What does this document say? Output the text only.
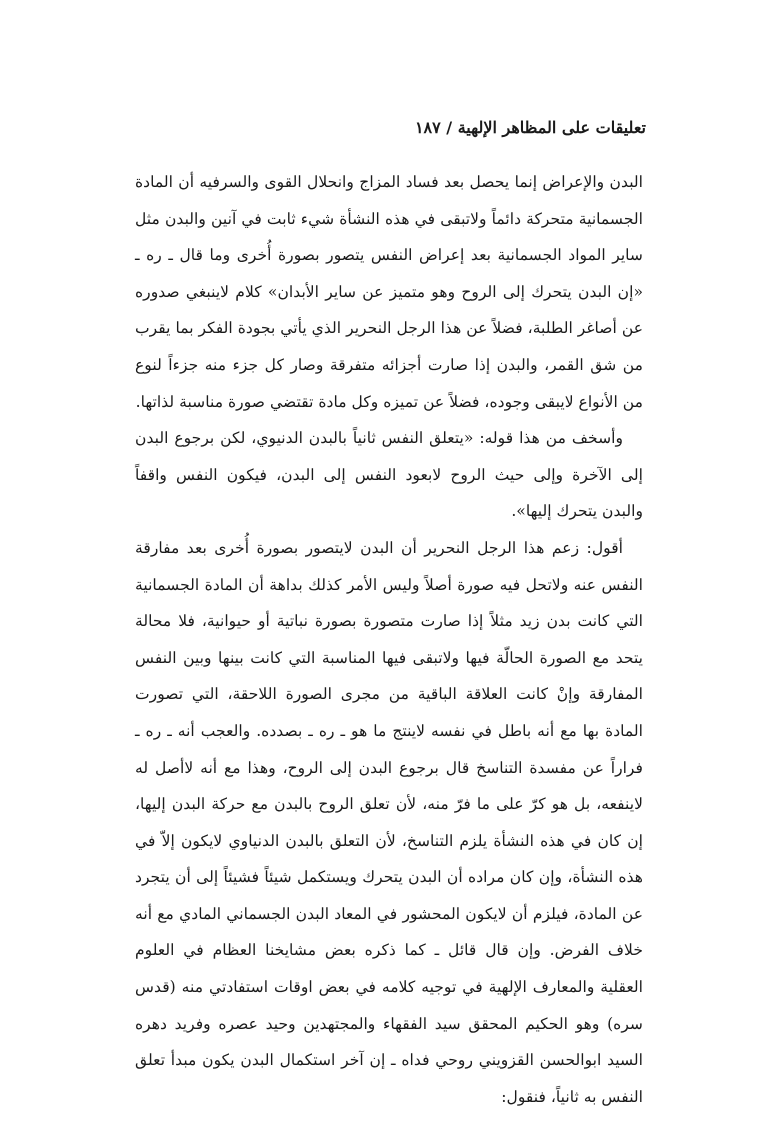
تعليقات على المظاهر الإلهية / ١٨٧

البدن والإعراض إنما يحصل بعد فساد المزاج وانحلال القوى والسرفيه أن المادة الجسمانية متحركة دائماً ولاتبقى في هذه النشأة شيء ثابت في آنين والبدن مثل ساير المواد الجسمانية بعد إعراض النفس يتصور بصورة أُخرى وما قال ـ ره ـ «إن البدن يتحرك إلى الروح وهو متميز عن ساير الأبدان» كلام لاينبغي صدوره عن أصاغر الطلبة، فضلاً عن هذا الرجل النحرير الذي يأتي بجودة الفكر بما يقرب من شق القمر، والبدن إذا صارت أجزائه متفرقة وصار كل جزء منه جزءاً لنوع من الأنواع لايبقى وجوده، فضلاً عن تميزه وكل مادة تقتضي صورة مناسبة لذاتها.

وأسخف من هذا قوله: «يتعلق النفس ثانياً بالبدن الدنيوي، لكن برجوع البدن إلى الآخرة وإلى حيث الروح لابعود النفس إلى البدن، فيكون النفس واقفاً والبدن يتحرك إليها».

أقول: زعم هذا الرجل النحرير أن البدن لايتصور بصورة أُخرى بعد مفارقة النفس عنه ولاتحل فيه صورة أصلاً وليس الأمر كذلك بداهة أن المادة الجسمانية التي كانت بدن زيد مثلاً إذا صارت متصورة بصورة نباتية أو حيوانية، فلا محالة يتحد مع الصورة الحالّة فيها ولاتبقى فيها المناسبة التي كانت بينها وبين النفس المفارقة وإنْ كانت العلاقة الباقية من مجرى الصورة اللاحقة، التي تصورت المادة بها مع أنه باطل في نفسه لاينتج ما هو ـ ره ـ بصدده. والعجب أنه ـ ره ـ فراراً عن مفسدة التناسخ قال برجوع البدن إلى الروح، وهذا مع أنه لاأصل له لاينفعه، بل هو كرّ على ما فرّ منه، لأن تعلق الروح بالبدن مع حركة البدن إليها، إن كان في هذه النشأة يلزم التناسخ، لأن التعلق بالبدن الدنياوي لايكون إلاّ في هذه النشأة، وإن كان مراده أن البدن يتحرك ويستكمل شيئاً فشيئاً إلى أن يتجرد عن المادة، فيلزم أن لايكون المحشور في المعاد البدن الجسماني المادي مع أنه خلاف الفرض. وإن قال قائل ـ كما ذكره بعض مشايخنا العظام في العلوم العقلية والمعارف الإلهية في توجيه كلامه في بعض اوقات استفادتي منه (قدس سره) وهو الحكيم المحقق سيد الفقهاء والمجتهدين وحيد عصره وفريد دهره السيد ابوالحسن القزويني روحي فداه ـ إن آخر استكمال البدن يكون مبدأ تعلق النفس به ثانياً، فنقول:
